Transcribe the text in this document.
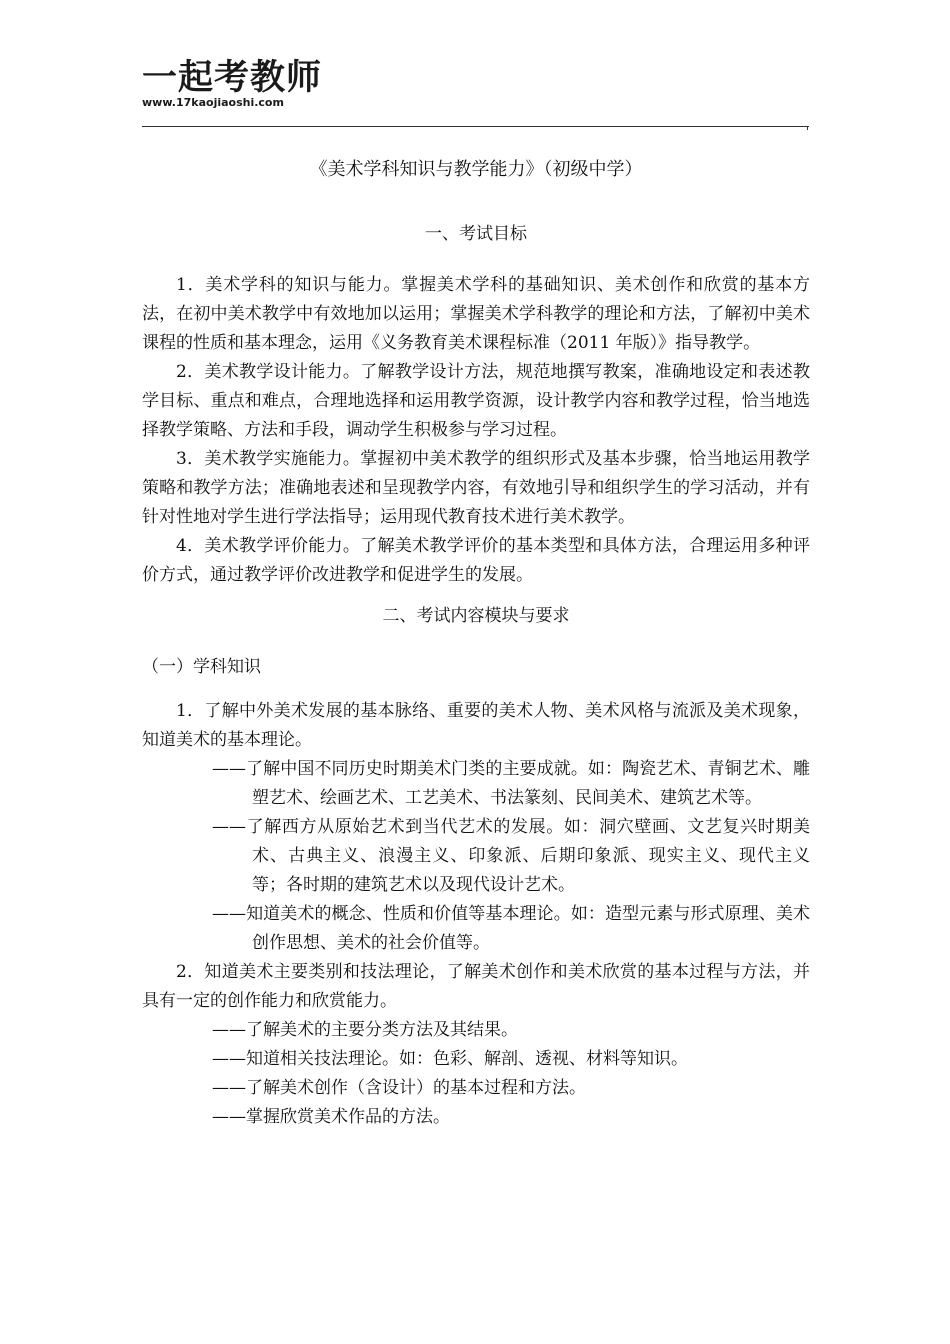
一起考教师
www.17kaojiaoshi.com
《美术学科知识与教学能力》（初级中学）
一、考试目标

1．美术学科的知识与能力。掌握美术学科的基础知识、美术创作和欣赏的基本方法，在初中美术教学中有效地加以运用；掌握美术学科教学的理论和方法，了解初中美术课程的性质和基本理念，运用《义务教育美术课程标准（2011 年版）》指导教学。

2．美术教学设计能力。了解教学设计方法，规范地撰写教案，准确地设定和表述教学目标、重点和难点，合理地选择和运用教学资源，设计教学内容和教学过程，恰当地选择教学策略、方法和手段，调动学生积极参与学习过程。

3．美术教学实施能力。掌握初中美术教学的组织形式及基本步骤，恰当地运用教学策略和教学方法；准确地表述和呈现教学内容，有效地引导和组织学生的学习活动，并有针对性地对学生进行学法指导；运用现代教育技术进行美术教学。

4．美术教学评价能力。了解美术教学评价的基本类型和具体方法，合理运用多种评价方式，通过教学评价改进教学和促进学生的发展。

二、考试内容模块与要求

（一）学科知识

1．了解中外美术发展的基本脉络、重要的美术人物、美术风格与流派及美术现象，知道美术的基本理论。

——了解中国不同历史时期美术门类的主要成就。如：陶瓷艺术、青铜艺术、雕塑艺术、绘画艺术、工艺美术、书法篆刻、民间美术、建筑艺术等。

——了解西方从原始艺术到当代艺术的发展。如：洞穴壁画、文艺复兴时期美术、古典主义、浪漫主义、印象派、后期印象派、现实主义、现代主义等；各时期的建筑艺术以及现代设计艺术。

——知道美术的概念、性质和价值等基本理论。如：造型元素与形式原理、美术创作思想、美术的社会价值等。

2．知道美术主要类别和技法理论，了解美术创作和美术欣赏的基本过程与方法，并具有一定的创作能力和欣赏能力。

——了解美术的主要分类方法及其结果。

——知道相关技法理论。如：色彩、解剖、透视、材料等知识。

——了解美术创作（含设计）的基本过程和方法。

——掌握欣赏美术作品的方法。
